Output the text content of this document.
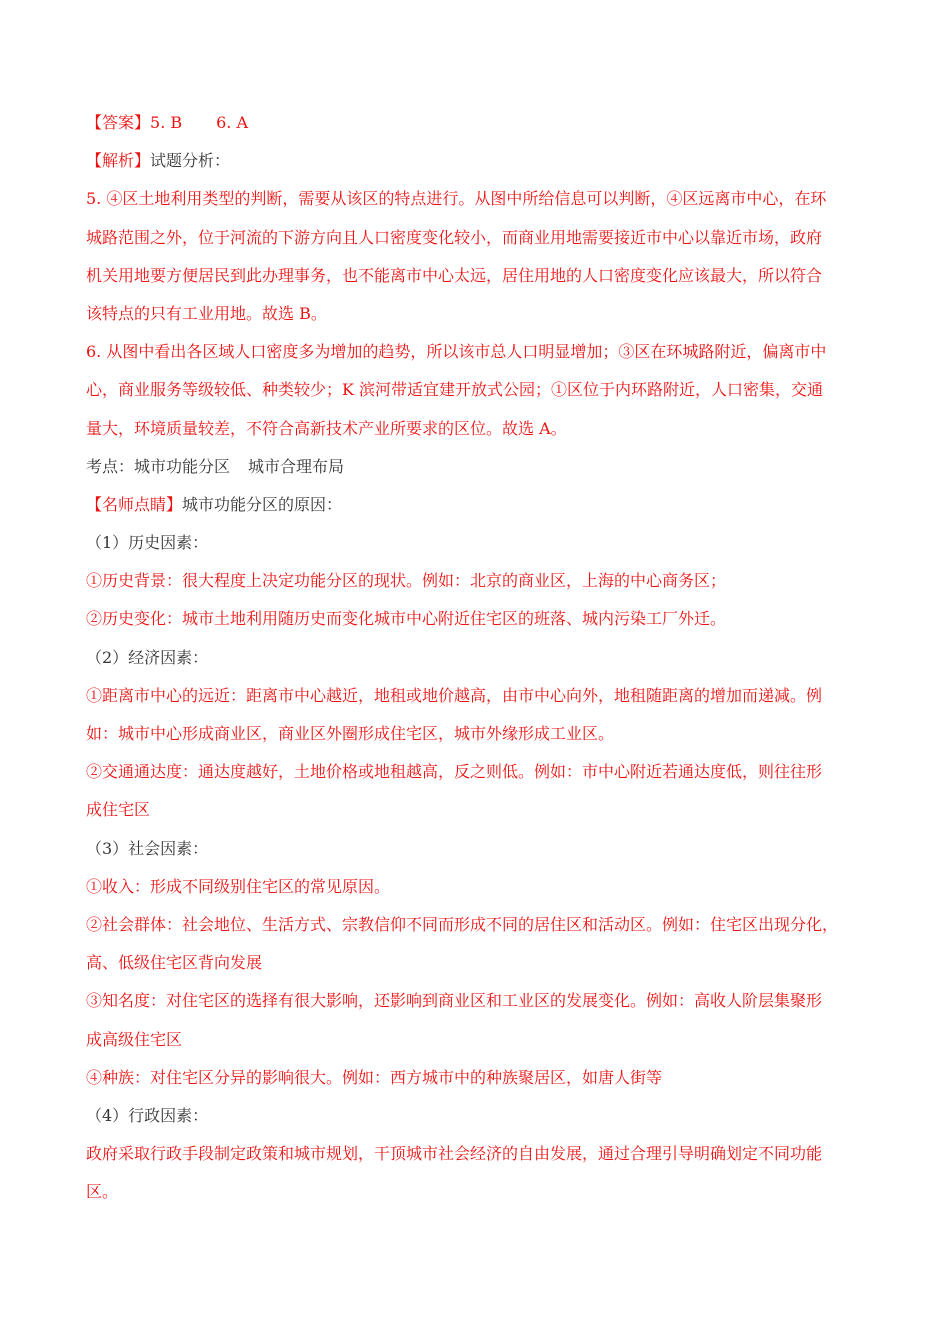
【答案】5. B 6. A
【解析】试题分析：
5. ④区土地利用类型的判断，需要从该区的特点进行。从图中所给信息可以判断，④区远离市中心，在环
城路范围之外，位于河流的下游方向且人口密度变化较小，而商业用地需要接近市中心以靠近市场，政府
机关用地要方便居民到此办理事务，也不能离市中心太远，居住用地的人口密度变化应该最大，所以符合
该特点的只有工业用地。故选 B。
6. 从图中看出各区域人口密度多为增加的趋势，所以该市总人口明显增加；③区在环城路附近，偏离市中
心，商业服务等级较低、种类较少；K 滨河带适宜建开放式公园；①区位于内环路附近，人口密集，交通
量大，环境质量较差，不符合高新技术产业所要求的区位。故选 A。
考点：城市功能分区 城市合理布局
【名师点睛】城市功能分区的原因：
（1）历史因素：
①历史背景：很大程度上决定功能分区的现状。例如：北京的商业区，上海的中心商务区；
②历史变化：城市土地利用随历史而变化城市中心附近住宅区的班落、城内污染工厂外迁。
（2）经济因素：
①距离市中心的远近：距离市中心越近，地租或地价越高，由市中心向外，地租随距离的增加而递减。例
如：城市中心形成商业区，商业区外圈形成住宅区，城市外缘形成工业区。
②交通通达度：通达度越好，土地价格或地租越高，反之则低。例如：市中心附近若通达度低，则往往形
成住宅区
（3）社会因素：
①收入：形成不同级别住宅区的常见原因。
②社会群体：社会地位、生活方式、宗教信仰不同而形成不同的居住区和活动区。例如：住宅区出现分化，
高、低级住宅区背向发展
③知名度：对住宅区的选择有很大影响，还影响到商业区和工业区的发展变化。例如：高收人阶层集聚形
成高级住宅区
④种族：对住宅区分异的影响很大。例如：西方城市中的种族聚居区，如唐人街等
（4）行政因素：
政府采取行政手段制定政策和城市规划，干顶城市社会经济的自由发展，通过合理引导明确划定不同功能
区。
